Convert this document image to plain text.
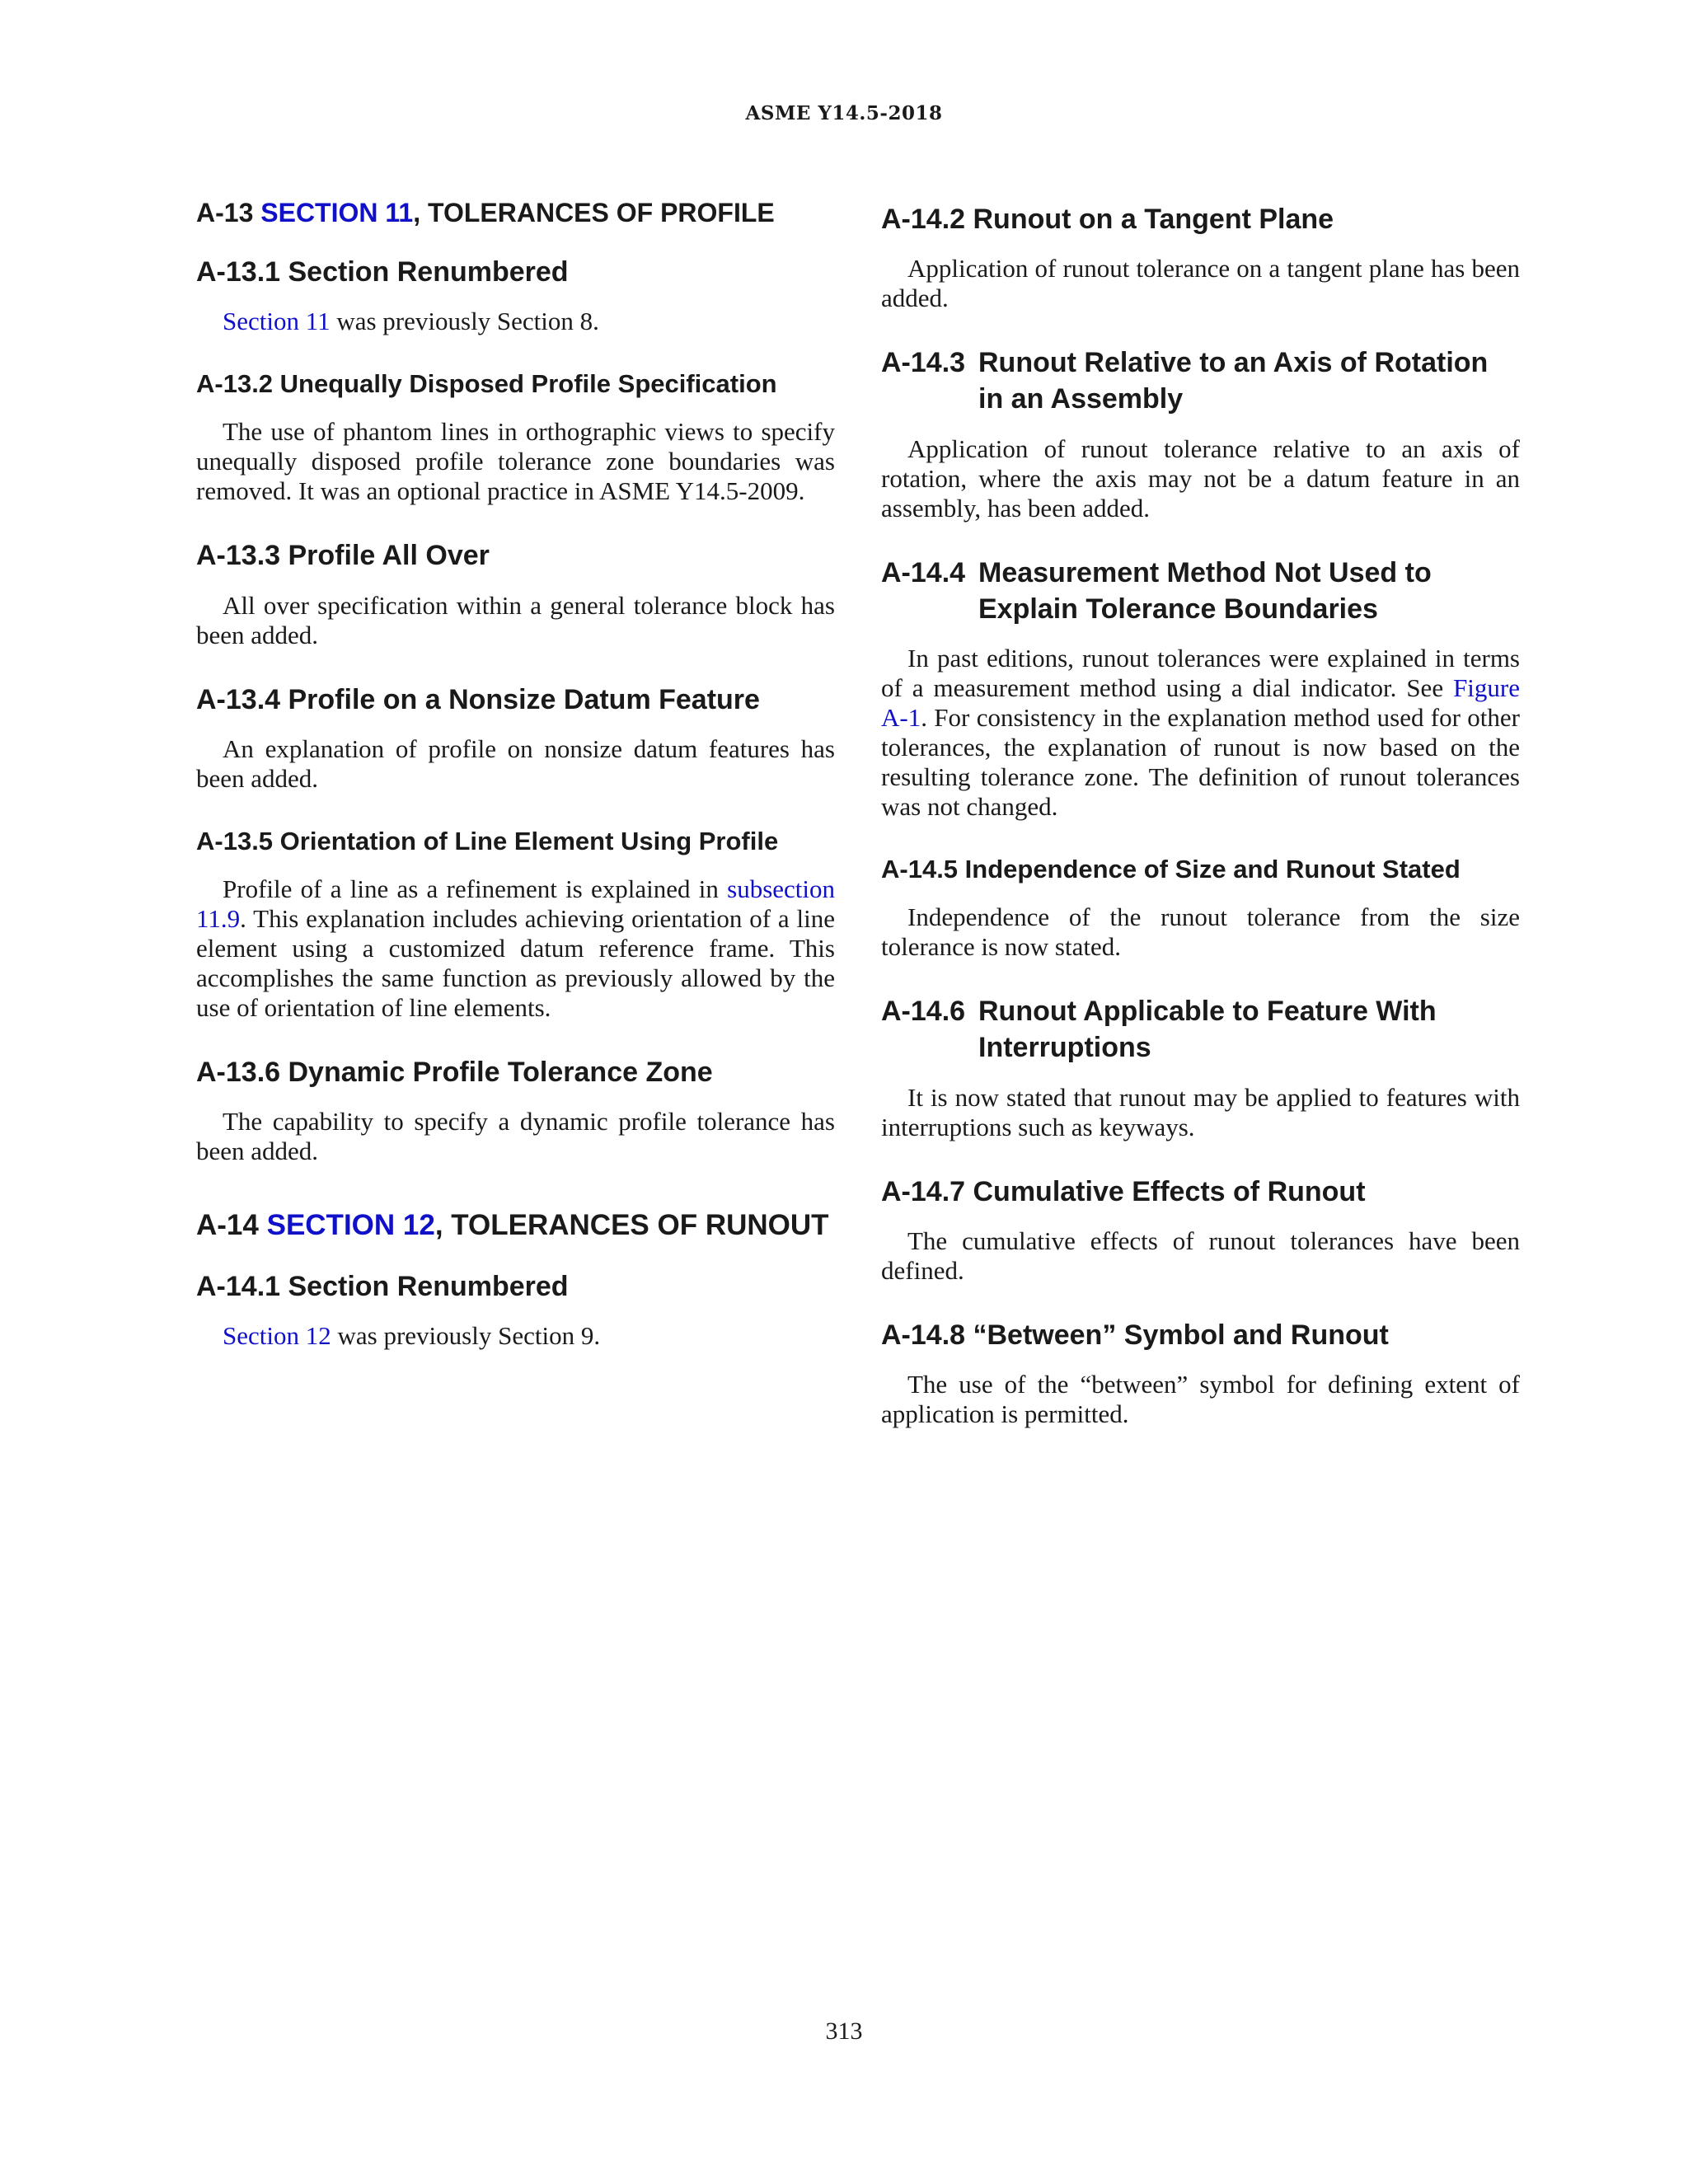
ASME Y14.5-2018
A-13 SECTION 11, TOLERANCES OF PROFILE
A-13.1 Section Renumbered

Section 11 was previously Section 8.

A-13.2 Unequally Disposed Profile Specification

The use of phantom lines in orthographic views to specify unequally disposed profile tolerance zone boundaries was removed. It was an optional practice in ASME Y14.5-2009.

A-13.3 Profile All Over

All over specification within a general tolerance block has been added.

A-13.4 Profile on a Nonsize Datum Feature

An explanation of profile on nonsize datum features has been added.

A-13.5 Orientation of Line Element Using Profile

Profile of a line as a refinement is explained in subsection 11.9. This explanation includes achieving orientation of a line element using a customized datum reference frame. This accomplishes the same function as previously allowed by the use of orientation of line elements.

A-13.6 Dynamic Profile Tolerance Zone

The capability to specify a dynamic profile tolerance has been added.

A-14 SECTION 12, TOLERANCES OF RUNOUT
A-14.1 Section Renumbered

Section 12 was previously Section 9.

A-14.2 Runout on a Tangent Plane

Application of runout tolerance on a tangent plane has been added.

A-14.3 Runout Relative to an Axis of Rotation in an Assembly

Application of runout tolerance relative to an axis of rotation, where the axis may not be a datum feature in an assembly, has been added.

A-14.4 Measurement Method Not Used to Explain Tolerance Boundaries

In past editions, runout tolerances were explained in terms of a measurement method using a dial indicator. See Figure A-1. For consistency in the explanation method used for other tolerances, the explanation of runout is now based on the resulting tolerance zone. The definition of runout tolerances was not changed.

A-14.5 Independence of Size and Runout Stated

Independence of the runout tolerance from the size tolerance is now stated.

A-14.6 Runout Applicable to Feature With Interruptions

It is now stated that runout may be applied to features with interruptions such as keyways.

A-14.7 Cumulative Effects of Runout

The cumulative effects of runout tolerances have been defined.

A-14.8 “Between” Symbol and Runout

The use of the “between” symbol for defining extent of application is permitted.

313
